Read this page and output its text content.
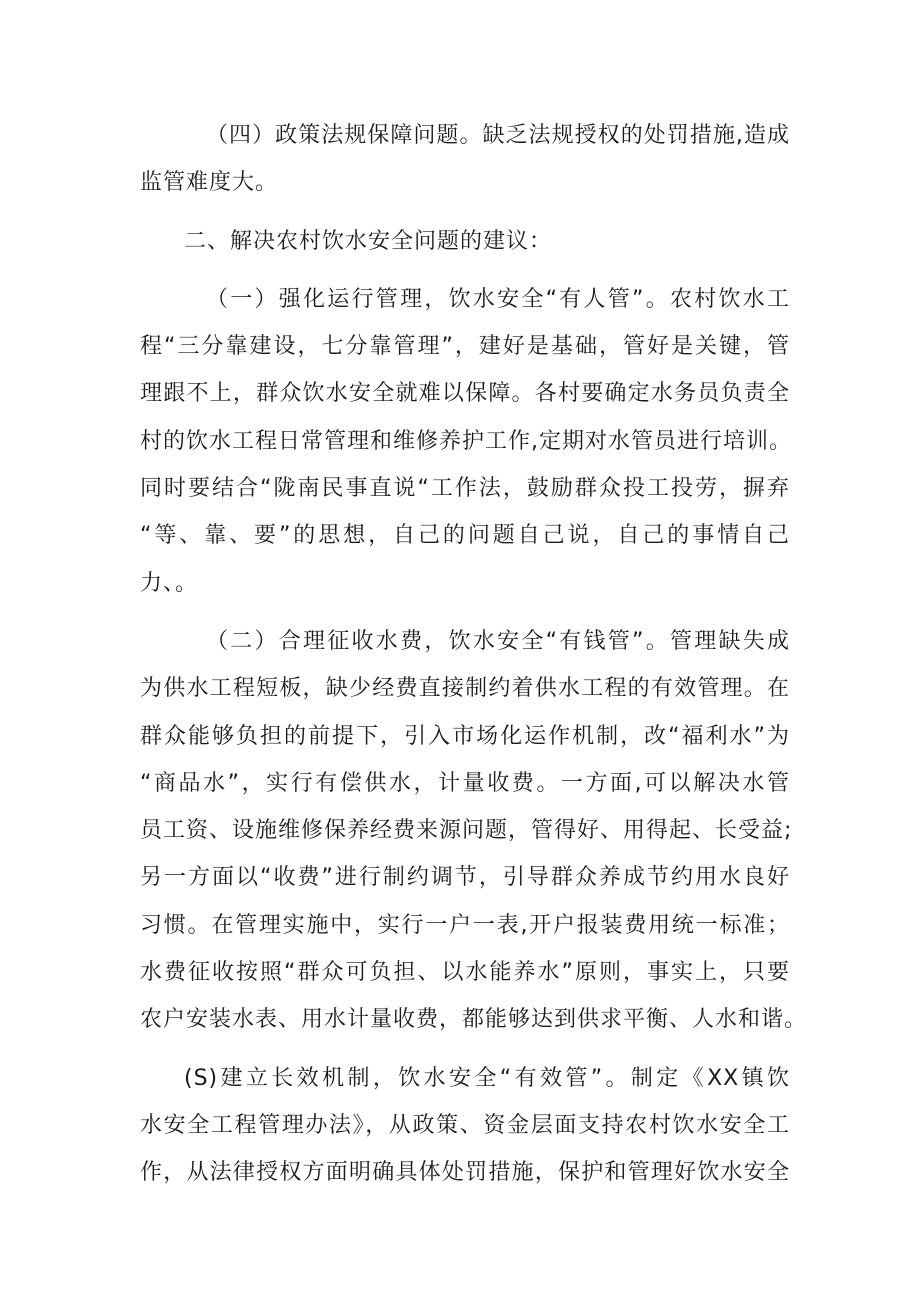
（四）政策法规保障问题。缺乏法规授权的处罚措施,造成
监管难度大。
二、解决农村饮水安全问题的建议：
（一）强化运行管理，饮水安全“有人管”。农村饮水工
程“三分靠建设，七分靠管理”，建好是基础，管好是关键，管
理跟不上，群众饮水安全就难以保障。各村要确定水务员负责全
村的饮水工程日常管理和维修养护工作,定期对水管员进行培训。
同时要结合“陇南民事直说“工作法，鼓励群众投工投劳，摒弃
“等、靠、要”的思想，自己的问题自己说，自己的事情自己
力、。
（二）合理征收水费，饮水安全“有钱管”。管理缺失成
为供水工程短板，缺少经费直接制约着供水工程的有效管理。在
群众能够负担的前提下，引入市场化运作机制，改“福利水”为
“商品水”，实行有偿供水，计量收费。一方面,可以解决水管
员工资、设施维修保养经费来源问题，管得好、用得起、长受益;
另一方面以“收费”进行制约调节，引导群众养成节约用水良好
习惯。在管理实施中，实行一户一表,开户报装费用统一标准；
水费征收按照“群众可负担、以水能养水”原则，事实上，只要
农户安装水表、用水计量收费，都能够达到供求平衡、人水和谐。
(S)建立长效机制，饮水安全“有效管”。制定《XX镇饮
水安全工程管理办法》，从政策、资金层面支持农村饮水安全工
作，从法律授权方面明确具体处罚措施，保护和管理好饮水安全
